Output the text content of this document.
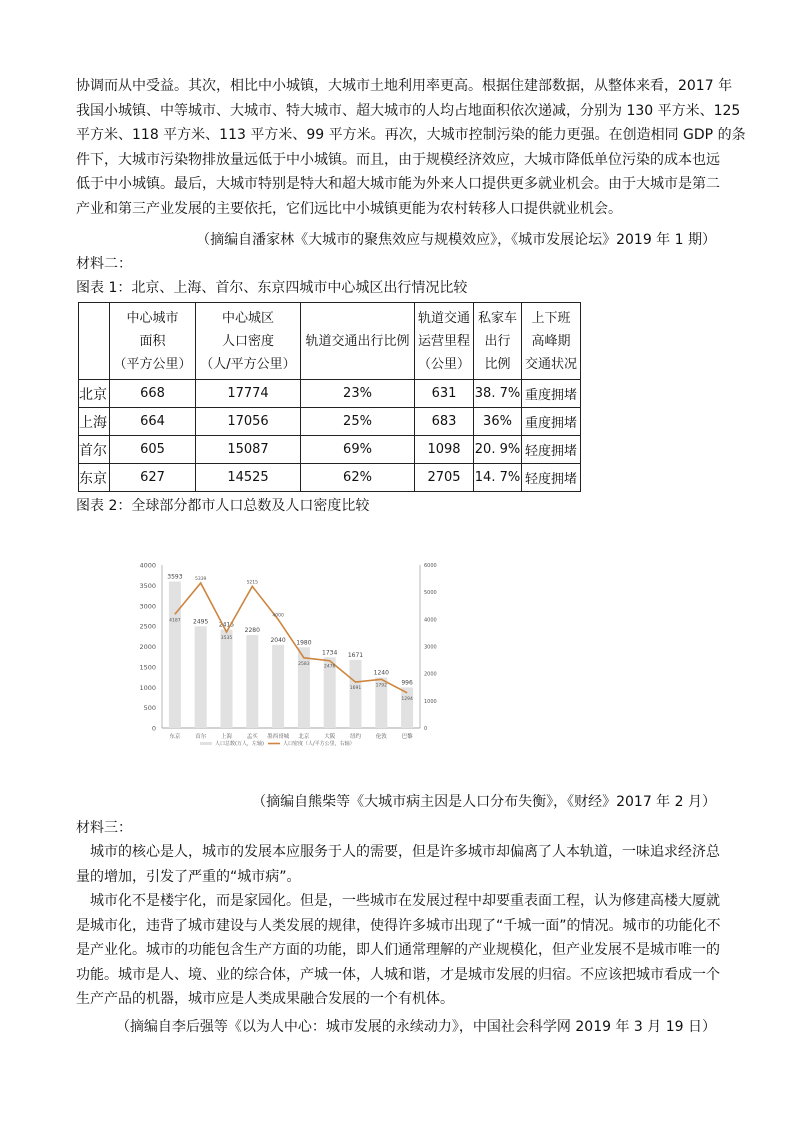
协调而从中受益。其次，相比中小城镇，大城市土地利用率更高。根据住建部数据，从整体来看，2017 年
我国小城镇、中等城市、大城市、特大城市、超大城市的人均占地面积依次递减，分别为 130 平方米、125
平方米、118 平方米、113 平方米、99 平方米。再次，大城市控制污染的能力更强。在创造相同 GDP 的条
件下，大城市污染物排放量远低于中小城镇。而且，由于规模经济效应，大城市降低单位污染的成本也远
低于中小城镇。最后，大城市特别是特大和超大城市能为外来人口提供更多就业机会。由于大城市是第二
产业和第三产业发展的主要依托，它们远比中小城镇更能为农村转移人口提供就业机会。
（摘编自潘家林《大城市的聚焦效应与规模效应》，《城市发展论坛》2019 年 1 期）
材料二：
图表 1：北京、上海、首尔、东京四城市中心城区出行情况比较
	中心城市
面积
（平方公里）	中心城区
人口密度
（人/平方公里）	轨道交通出行比例	轨道交通
运营里程
（公里）	私家车
出行
比例	上下班
高峰期
交通状况
北京	668	17774	23%	631	38. 7%	重度拥堵
上海	664	17056	25%	683	36%	重度拥堵
首尔	605	15087	69%	1098	20. 9%	轻度拥堵
东京	627	14525	62%	2705	14. 7%	轻度拥堵
图表 2：全球部分都市人口总数及人口密度比较
0
500
1000
1500
2000
2500
3000
3500
4000
0
1000
2000
3000
4000
5000
6000
3593
东京
2495
首尔
2415
上海
2280
孟买
2040
墨西哥城
1980
北京
1734
大阪
1671
纽约
1240
伦敦
996
巴黎
4187
5339
3535
5215
4000
2583
2476
1691
1792
1294
人口总数(万人，左轴)	人口密度（人/平方公里，右轴）
（摘编自熊柴等《大城市病主因是人口分布失衡》，《财经》2017 年 2 月）
材料三：
城市的核心是人，城市的发展本应服务于人的需要，但是许多城市却偏离了人本轨道，一味追求经济总
量的增加，引发了严重的“城市病”。
城市化不是楼宇化，而是家园化。但是，一些城市在发展过程中却要重表面工程，认为修建高楼大厦就
是城市化，违背了城市建设与人类发展的规律，使得许多城市出现了“千城一面”的情况。城市的功能化不
是产业化。城市的功能包含生产方面的功能，即人们通常理解的产业规模化，但产业发展不是城市唯一的
功能。城市是人、境、业的综合体，产城一体，人城和谐，才是城市发展的归宿。不应该把城市看成一个
生产产品的机器，城市应是人类成果融合发展的一个有机体。
（摘编自李后强等《以为人中心：城市发展的永续动力》，中国社会科学网 2019 年 3 月 19 日）
